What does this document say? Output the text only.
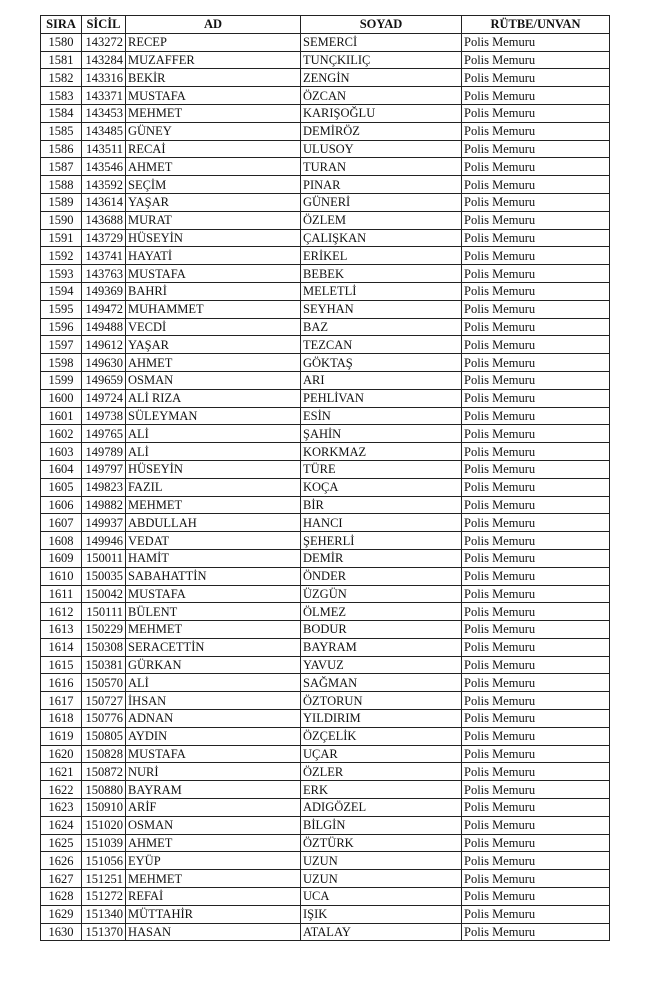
SIRA	SİCİL	AD	SOYAD	RÜTBE/UNVAN
1580	143272	RECEP	SEMERCİ	Polis Memuru
1581	143284	MUZAFFER	TUNÇKILIÇ	Polis Memuru
1582	143316	BEKİR	ZENGİN	Polis Memuru
1583	143371	MUSTAFA	ÖZCAN	Polis Memuru
1584	143453	MEHMET	KARIŞOĞLU	Polis Memuru
1585	143485	GÜNEY	DEMİRÖZ	Polis Memuru
1586	143511	RECAİ	ULUSOY	Polis Memuru
1587	143546	AHMET	TURAN	Polis Memuru
1588	143592	SEÇİM	PINAR	Polis Memuru
1589	143614	YAŞAR	GÜNERİ	Polis Memuru
1590	143688	MURAT	ÖZLEM	Polis Memuru
1591	143729	HÜSEYİN	ÇALIŞKAN	Polis Memuru
1592	143741	HAYATİ	ERİKEL	Polis Memuru
1593	143763	MUSTAFA	BEBEK	Polis Memuru
1594	149369	BAHRİ	MELETLİ	Polis Memuru
1595	149472	MUHAMMET	SEYHAN	Polis Memuru
1596	149488	VECDİ	BAZ	Polis Memuru
1597	149612	YAŞAR	TEZCAN	Polis Memuru
1598	149630	AHMET	GÖKTAŞ	Polis Memuru
1599	149659	OSMAN	ARI	Polis Memuru
1600	149724	ALİ RIZA	PEHLİVAN	Polis Memuru
1601	149738	SÜLEYMAN	ESİN	Polis Memuru
1602	149765	ALİ	ŞAHİN	Polis Memuru
1603	149789	ALİ	KORKMAZ	Polis Memuru
1604	149797	HÜSEYİN	TÜRE	Polis Memuru
1605	149823	FAZIL	KOÇA	Polis Memuru
1606	149882	MEHMET	BİR	Polis Memuru
1607	149937	ABDULLAH	HANCI	Polis Memuru
1608	149946	VEDAT	ŞEHERLİ	Polis Memuru
1609	150011	HAMİT	DEMİR	Polis Memuru
1610	150035	SABAHATTİN	ÖNDER	Polis Memuru
1611	150042	MUSTAFA	ÜZGÜN	Polis Memuru
1612	150111	BÜLENT	ÖLMEZ	Polis Memuru
1613	150229	MEHMET	BODUR	Polis Memuru
1614	150308	SERACETTİN	BAYRAM	Polis Memuru
1615	150381	GÜRKAN	YAVUZ	Polis Memuru
1616	150570	ALİ	SAĞMAN	Polis Memuru
1617	150727	İHSAN	ÖZTORUN	Polis Memuru
1618	150776	ADNAN	YILDIRIM	Polis Memuru
1619	150805	AYDIN	ÖZÇELİK	Polis Memuru
1620	150828	MUSTAFA	UÇAR	Polis Memuru
1621	150872	NURİ	ÖZLER	Polis Memuru
1622	150880	BAYRAM	ERK	Polis Memuru
1623	150910	ARİF	ADIGÖZEL	Polis Memuru
1624	151020	OSMAN	BİLGİN	Polis Memuru
1625	151039	AHMET	ÖZTÜRK	Polis Memuru
1626	151056	EYÜP	UZUN	Polis Memuru
1627	151251	MEHMET	UZUN	Polis Memuru
1628	151272	REFAİ	UCA	Polis Memuru
1629	151340	MÜTTAHİR	IŞIK	Polis Memuru
1630	151370	HASAN	ATALAY	Polis Memuru
